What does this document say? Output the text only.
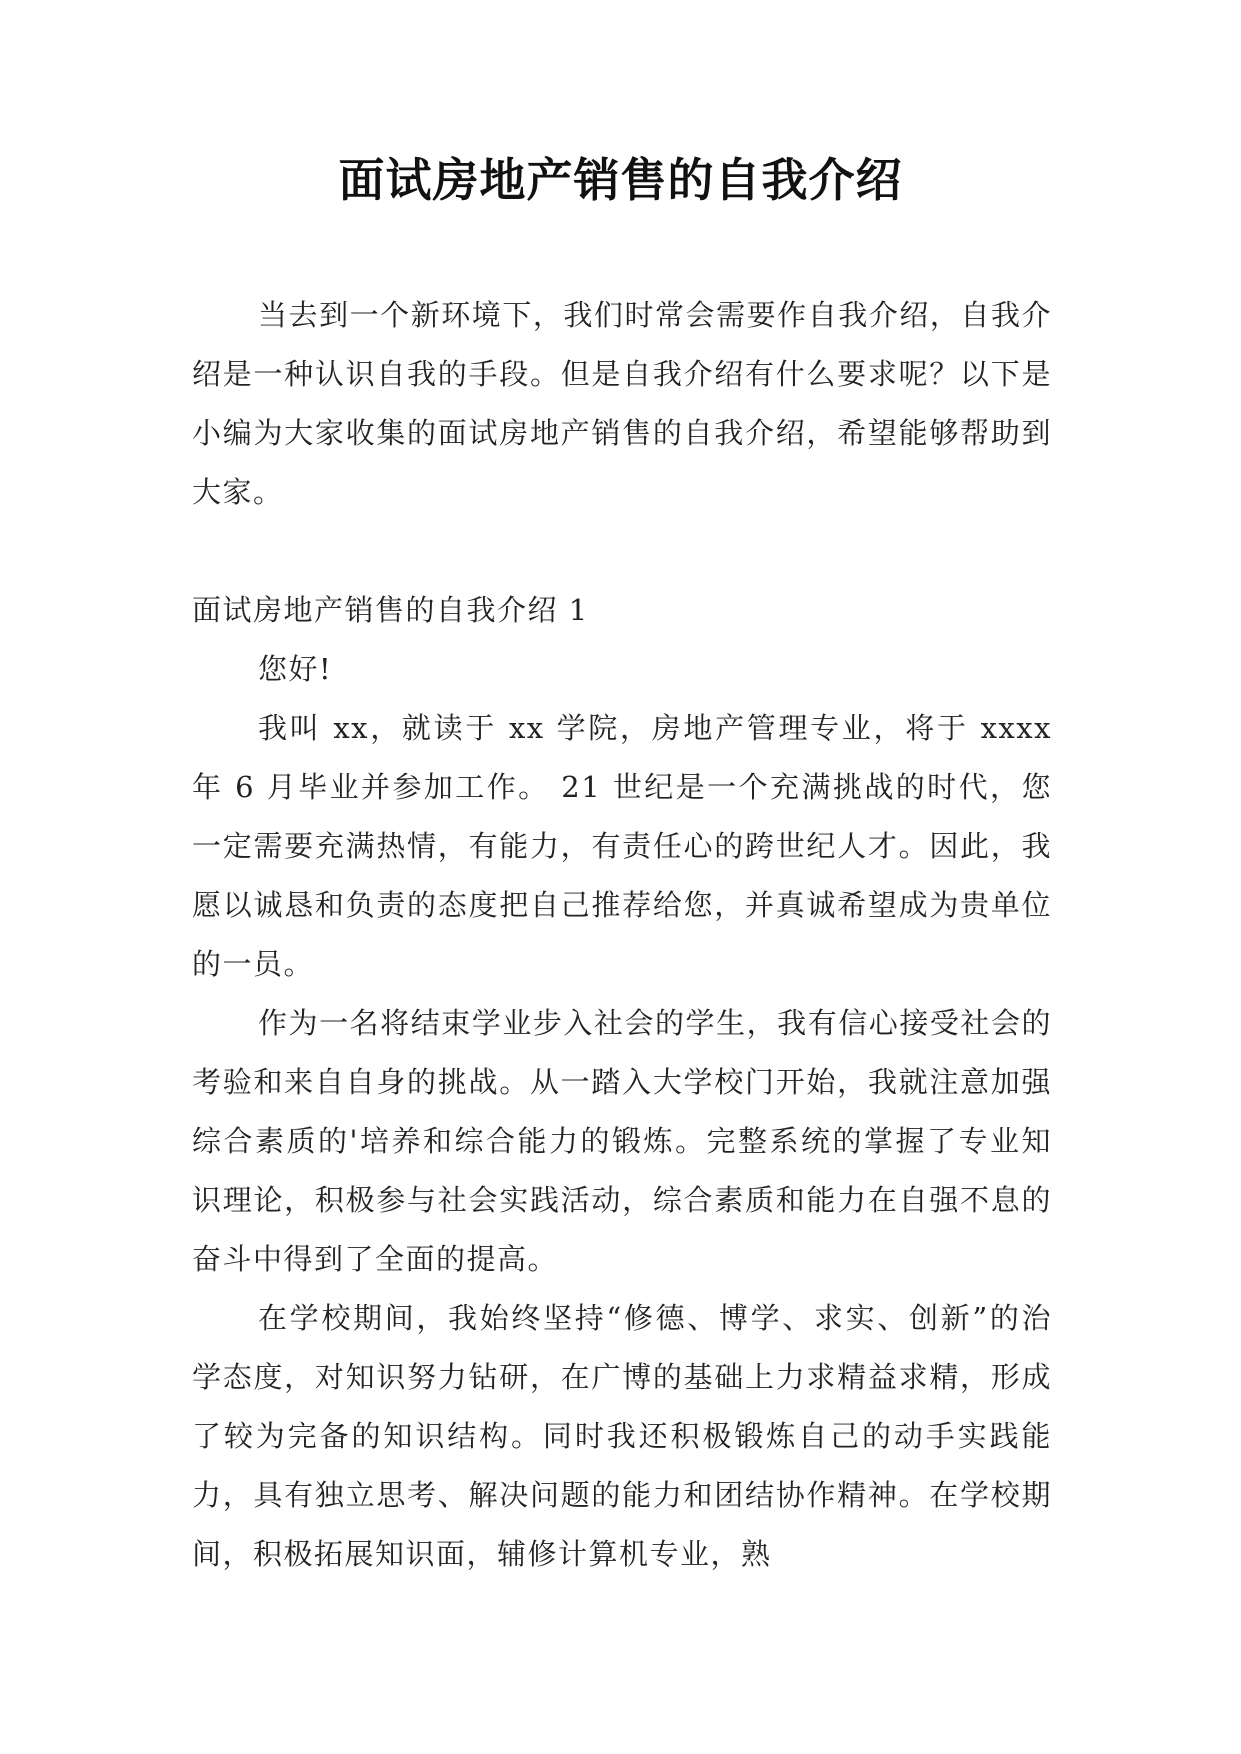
面试房地产销售的自我介绍

当去到一个新环境下，我们时常会需要作自我介绍，自我介绍是一种认识自我的手段。但是自我介绍有什么要求呢？以下是小编为大家收集的面试房地产销售的自我介绍，希望能够帮助到大家。

面试房地产销售的自我介绍 1

您好!

我叫 xx，就读于 xx 学院，房地产管理专业，将于 xxxx 年 6 月毕业并参加工作。 21 世纪是一个充满挑战的时代，您一定需要充满热情，有能力，有责任心的跨世纪人才。因此，我愿以诚恳和负责的态度把自己推荐给您，并真诚希望成为贵单位的一员。

作为一名将结束学业步入社会的学生，我有信心接受社会的考验和来自自身的挑战。从一踏入大学校门开始，我就注意加强综合素质的'培养和综合能力的锻炼。完整系统的掌握了专业知识理论，积极参与社会实践活动，综合素质和能力在自强不息的奋斗中得到了全面的提高。

在学校期间，我始终坚持“修德、博学、求实、创新”的治学态度，对知识努力钻研，在广博的基础上力求精益求精，形成了较为完备的知识结构。同时我还积极锻炼自己的动手实践能力，具有独立思考、解决问题的能力和团结协作精神。在学校期间，积极拓展知识面，辅修计算机专业，熟
